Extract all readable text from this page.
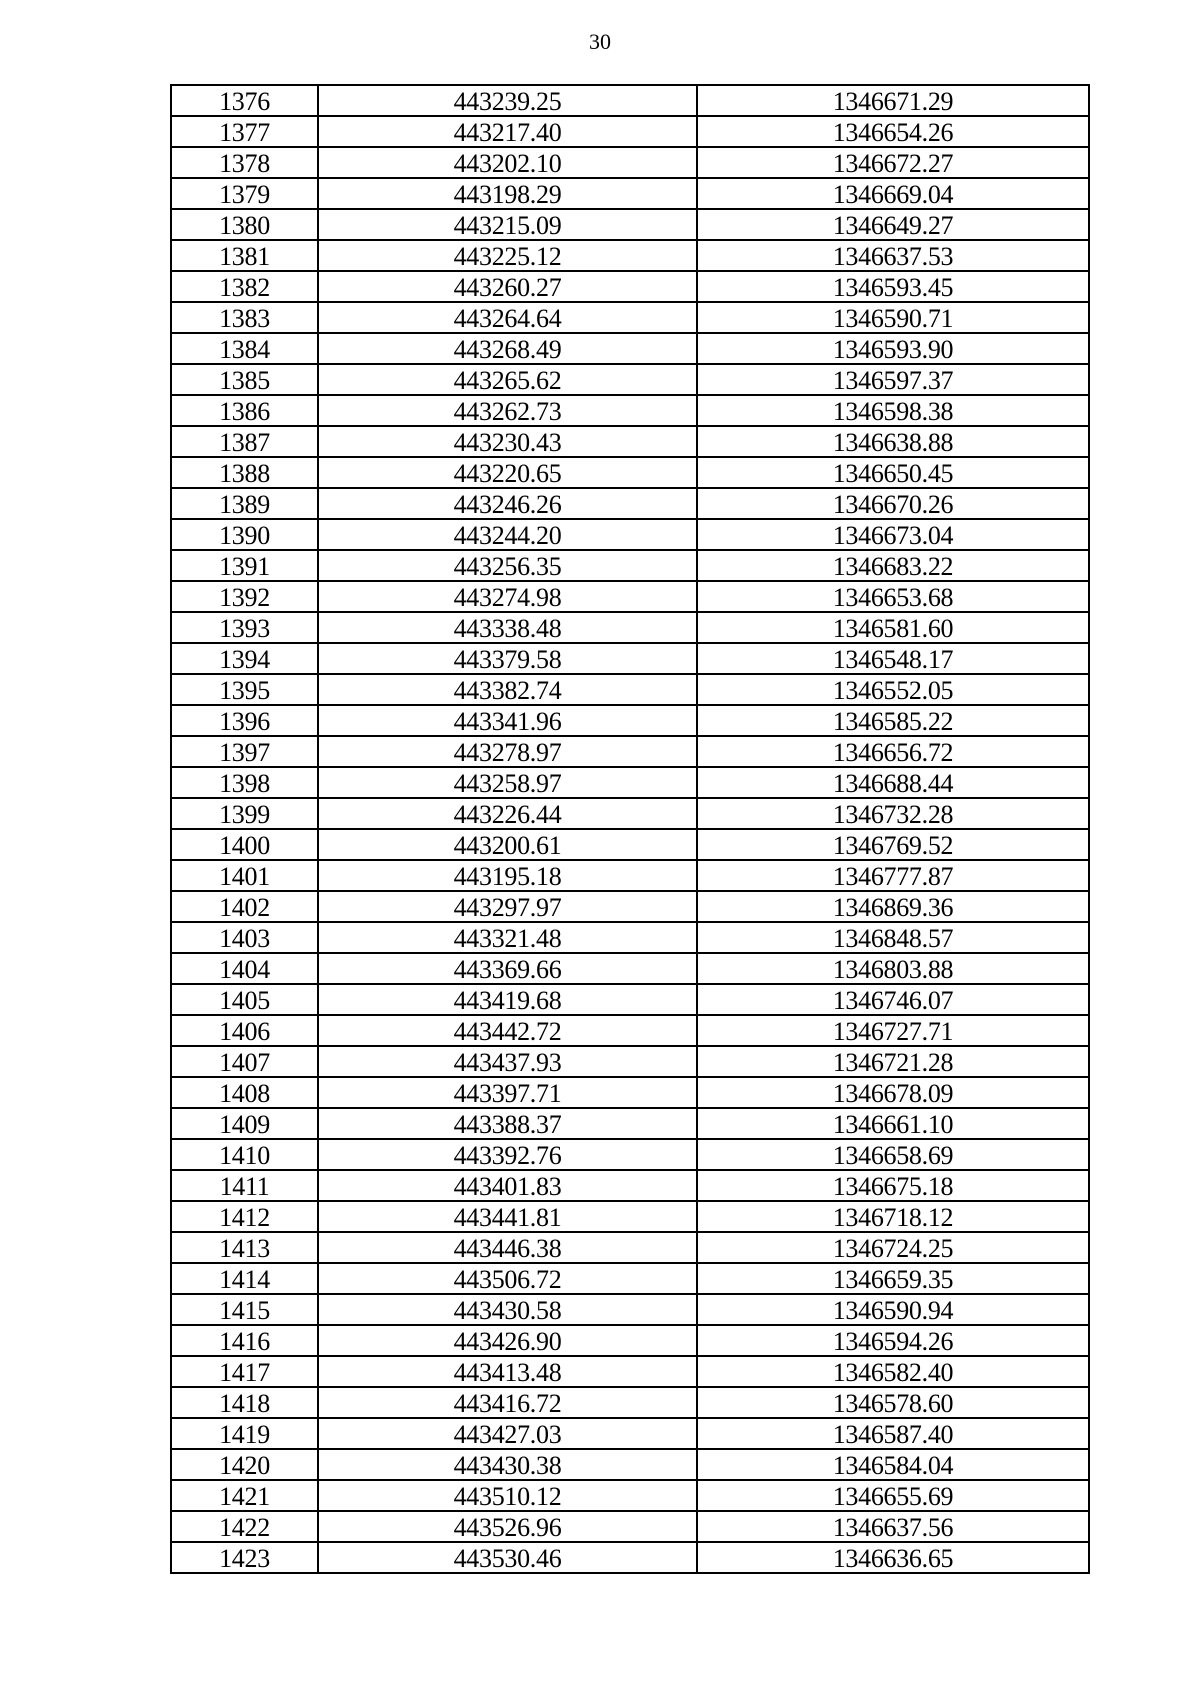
30
1376	443239.25	1346671.29
1377	443217.40	1346654.26
1378	443202.10	1346672.27
1379	443198.29	1346669.04
1380	443215.09	1346649.27
1381	443225.12	1346637.53
1382	443260.27	1346593.45
1383	443264.64	1346590.71
1384	443268.49	1346593.90
1385	443265.62	1346597.37
1386	443262.73	1346598.38
1387	443230.43	1346638.88
1388	443220.65	1346650.45
1389	443246.26	1346670.26
1390	443244.20	1346673.04
1391	443256.35	1346683.22
1392	443274.98	1346653.68
1393	443338.48	1346581.60
1394	443379.58	1346548.17
1395	443382.74	1346552.05
1396	443341.96	1346585.22
1397	443278.97	1346656.72
1398	443258.97	1346688.44
1399	443226.44	1346732.28
1400	443200.61	1346769.52
1401	443195.18	1346777.87
1402	443297.97	1346869.36
1403	443321.48	1346848.57
1404	443369.66	1346803.88
1405	443419.68	1346746.07
1406	443442.72	1346727.71
1407	443437.93	1346721.28
1408	443397.71	1346678.09
1409	443388.37	1346661.10
1410	443392.76	1346658.69
1411	443401.83	1346675.18
1412	443441.81	1346718.12
1413	443446.38	1346724.25
1414	443506.72	1346659.35
1415	443430.58	1346590.94
1416	443426.90	1346594.26
1417	443413.48	1346582.40
1418	443416.72	1346578.60
1419	443427.03	1346587.40
1420	443430.38	1346584.04
1421	443510.12	1346655.69
1422	443526.96	1346637.56
1423	443530.46	1346636.65
